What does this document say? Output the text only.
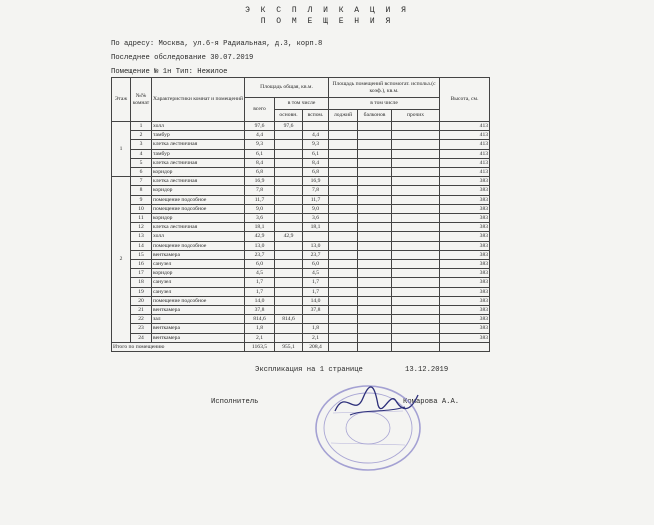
Э К С П Л И К А Ц И Я
П О М Е Щ Е Н И Я
По адресу: Москва, ул.6-я Радиальная, д.3, корп.8
Последнее обследование 30.07.2019
Помещение № 1н Тип: Нежилое
Этаж	№№ комнат	Характеристики комнат и помещений	Площадь общая, кв.м.			Площадь помещений вспомогат. использ.(с коэф.), кв.м.			Высота, см.
			всего	в том числе		в том числе			
				основн.	вспом.	лоджий	балконов	прочих	
1	1	холл	97,6	97,6					413
	2	тамбур	4,4		4,4				413
	3	клетка лестничная	9,3		9,3				413
	4	тамбур	6,1		6,1				413
	5	клетка лестничная	8,4		8,4				413
	6	коридор	6,8		6,8				413
2	7	клетка лестничная	16,9		16,9				383
	8	коридор	7,8		7,8				383
	9	помещение подсобное	11,7		11,7				383
	10	помещение подсобное	9,0		9,0				383
	11	коридор	3,6		3,6				383
	12	клетка лестничная	18,1		18,1				383
	13	холл	42,9	42,9					383
	14	помещение подсобное	13,0		13,0				383
	15	венткамера	23,7		23,7				383
	16	санузел	6,0		6,0				383
	17	коридор	4,5		4,5				383
	18	санузел	1,7		1,7				383
	19	санузел	1,7		1,7				383
	20	помещение подсобное	14,0		14,0				383
	21	венткамера	37,8		37,8				383
	22	зал	814,6	814,6					383
	23	венткамера	1,8		1,8				383
	24	венткамера	2,1		2,1				383
Итого по помещению			1163,5	955,1	208,4				
Экспликация на 1 странице	13.12.2019
Исполнитель	Комарова А.А.
